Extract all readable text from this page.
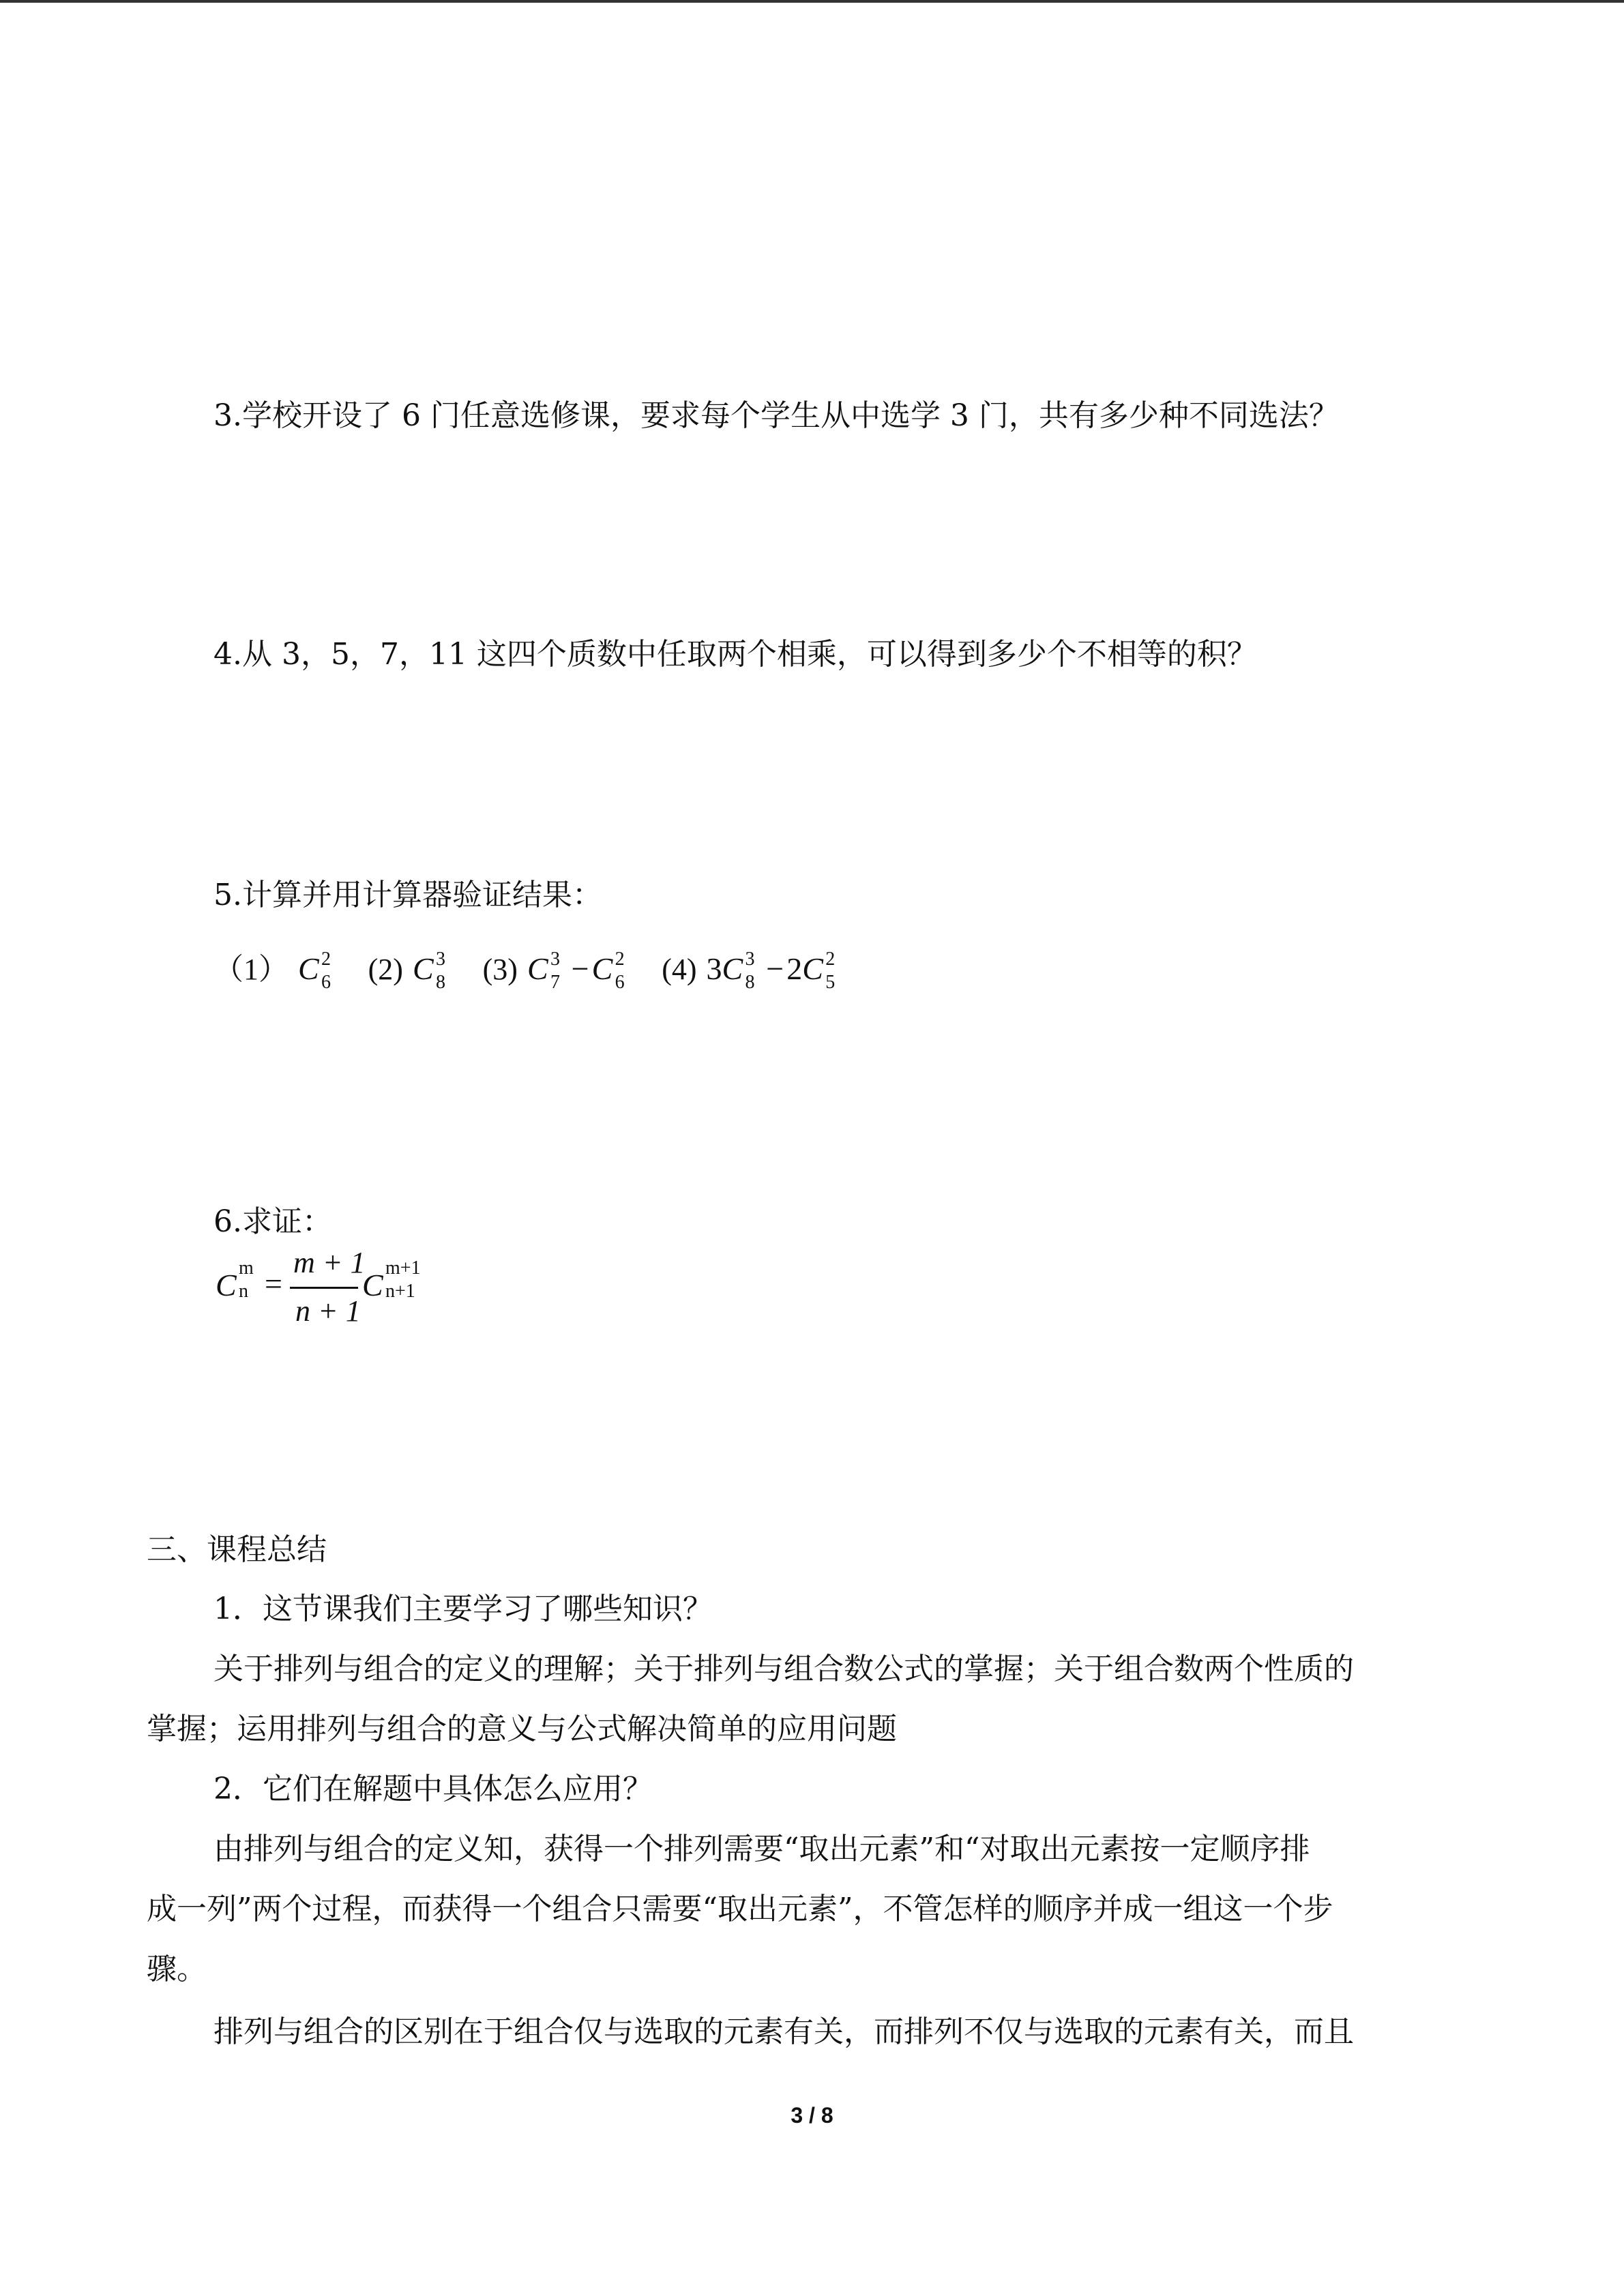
3.学校开设了 6 门任意选修课，要求每个学生从中选学 3 门，共有多少种不同选法？
4.从 3，5，7，11 这四个质数中任取两个相乘，可以得到多少个不相等的积？
5.计算并用计算器验证结果：
（1） C 2
6 (2) C 3
8 (3) C 3
7 −C 2
6 (4) 3C 3
8 −2C 2
5
6.求证：
C m
n =
m + 1
n + 1
C m+1
n+1
三、课程总结
1．这节课我们主要学习了哪些知识？
关于排列与组合的定义的理解；关于排列与组合数公式的掌握；关于组合数两个性质的
掌握；运用排列与组合的意义与公式解决简单的应用问题
2．它们在解题中具体怎么应用？
由排列与组合的定义知，获得一个排列需要“取出元素”和“对取出元素按一定顺序排
成一列”两个过程，而获得一个组合只需要“取出元素”，不管怎样的顺序并成一组这一个步
骤。
排列与组合的区别在于组合仅与选取的元素有关，而排列不仅与选取的元素有关，而且
3 / 8
